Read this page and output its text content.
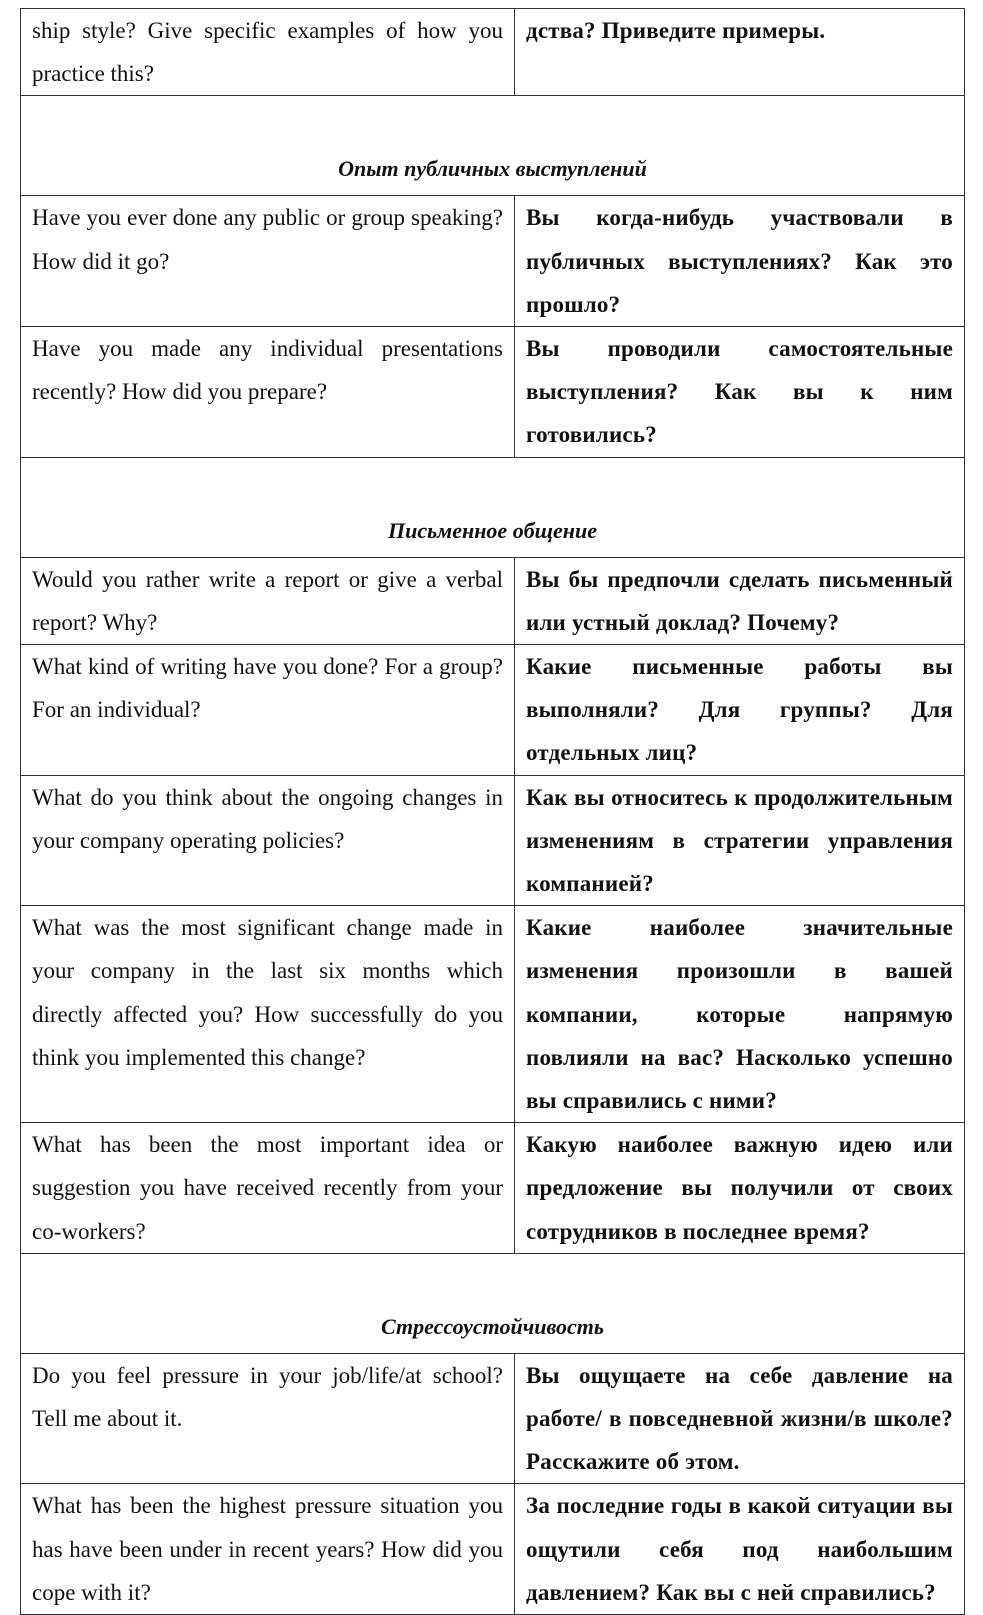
ship style? Give specific examples of how you practice this?	дства? Приведите примеры.
Опыт публичных выступлений	
Have you ever done any public or group speaking? How did it go?	Вы когда-нибудь участвовали в публичных выступлениях? Как это прошло?
Have you made any individual presentations recently? How did you prepare?	Вы проводили самостоятельные выступления? Как вы к ним готовились?
Письменное общение	
Would you rather write a report or give a verbal report? Why?	Вы бы предпочли сделать письменный или устный доклад? Почему?
What kind of writing have you done? For a group? For an individual?	Какие письменные работы вы выполняли? Для группы? Для отдельных лиц?
What do you think about the ongoing changes in your company operating policies?	Как вы относитесь к продолжительным изменениям в стратегии управления компанией?
What was the most significant change made in your company in the last six months which directly affected you? How successfully do you think you implemented this change?	Какие наиболее значительные изменения произошли в вашей компании, которые напрямую повлияли на вас? Насколько успешно вы справились с ними?
What has been the most important idea or suggestion you have received recently from your co-workers?	Какую наиболее важную идею или предложение вы получили от своих сотрудников в последнее время?
Стрессоустойчивость	
Do you feel pressure in your job/life/at school? Tell me about it.	Вы ощущаете на себе давление на работе/ в повседневной жизни/в школе? Расскажите об этом.
What has been the highest pressure situation you has have been under in recent years? How did you cope with it?	За последние годы в какой ситуации вы ощутили себя под наибольшим давлением? Как вы с ней справились?
